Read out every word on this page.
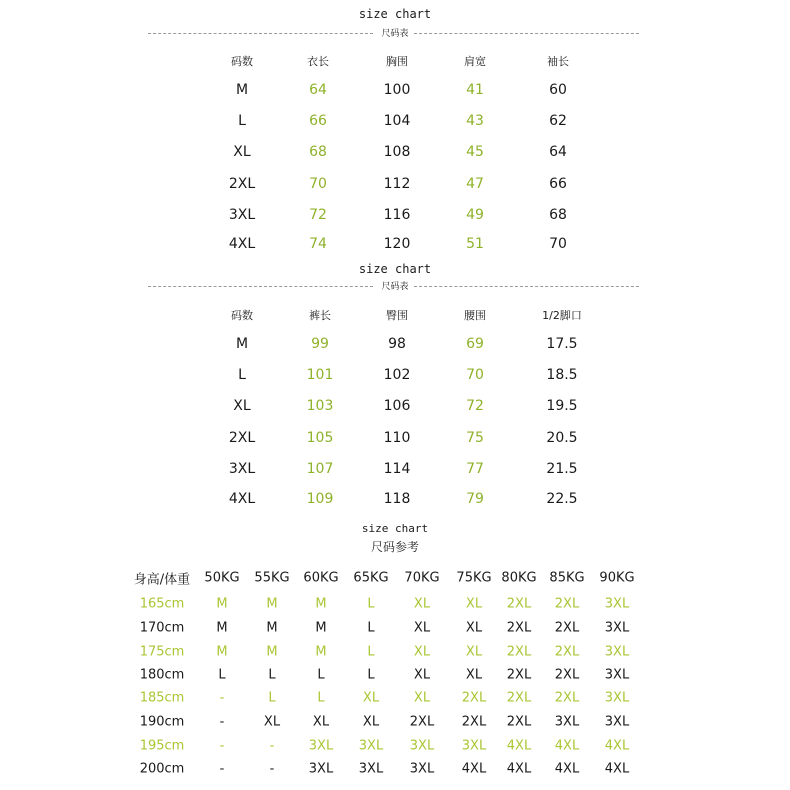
size chart
尺码表
码数	衣长	胸围	肩宽	袖长
M	64	100	41	60
L	66	104	43	62
XL	68	108	45	64
2XL	70	112	47	66
3XL	72	116	49	68
4XL	74	120	51	70
size chart
尺码表
码数	裤长	臀围	腰围	1/2脚口
M	99	98	69	17.5
L	101	102	70	18.5
XL	103	106	72	19.5
2XL	105	110	75	20.5
3XL	107	114	77	21.5
4XL	109	118	79	22.5
size chart
尺码参考
身高/体重 50KG 55KG 60KG 65KG 70KG 75KG 80KG 85KG 90KG
165cm M	M	M	L	XL	XL 2XL 2XL 3XL
170cm M	M	M	L	XL	XL 2XL 2XL 3XL
175cm M	M	M	L	XL	XL 2XL 2XL 3XL
180cm	L	L	L	L	XL	XL 2XL 2XL 3XL
185cm	-	L	L	XL	XL 2XL 2XL 2XL 3XL
190cm	-	XL	XL	XL 2XL 2XL 2XL 3XL 3XL
195cm	-	-	3XL 3XL 3XL 3XL 4XL 4XL 4XL
200cm	-	-	3XL 3XL 3XL 4XL 4XL 4XL 4XL
